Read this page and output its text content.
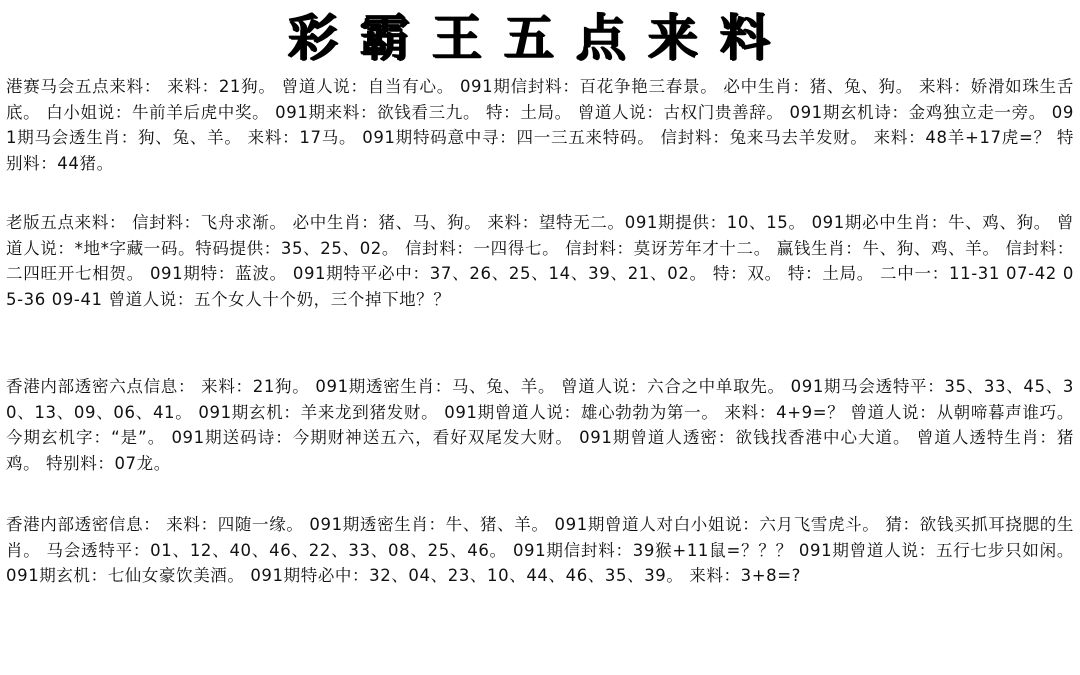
彩霸王五点来料
港赛马会五点来料： 来料：21狗。 曾道人说：自当有心。 091期信封料：百花争艳三春景。 必中生肖：猪、兔、狗。 来料：娇滑如珠生舌底。 白小姐说：牛前羊后虎中奖。 091期来料：欲钱看三九。 特：土局。 曾道人说：古权门贵善辞。 091期玄机诗：金鸡独立走一旁。 091期马会透生肖：狗、兔、羊。 来料：17马。 091期特码意中寻：四一三五来特码。 信封料：兔来马去羊发财。 来料：48羊+17虎=？ 特别料：44猪。
老版五点来料： 信封料：飞舟求渐。 必中生肖：猪、马、狗。 来料：望特无二。091期提供：10、15。 091期必中生肖：牛、鸡、狗。 曾道人说：*地*字藏一码。特码提供：35、25、02。 信封料：一四得七。 信封料：莫讶芳年才十二。 赢钱生肖：牛、狗、鸡、羊。 信封料：二四旺开七相贺。 091期特：蓝波。 091期特平必中：37、26、25、14、39、21、02。 特：双。 特：土局。 二中一：11-31 07-42 05-36 09-41 曾道人说：五个女人十个奶，三个掉下地？？
香港内部透密六点信息： 来料：21狗。 091期透密生肖：马、兔、羊。 曾道人说：六合之中单取先。 091期马会透特平：35、33、45、30、13、09、06、41。 091期玄机：羊来龙到猪发财。 091期曾道人说：雄心勃勃为第一。 来料：4+9=？ 曾道人说：从朝啼暮声谁巧。 今期玄机字：“是”。 091期送码诗：今期财神送五六，看好双尾发大财。 091期曾道人透密：欲钱找香港中心大道。 曾道人透特生肖：猪鸡。 特别料：07龙。
香港内部透密信息： 来料：四随一缘。 091期透密生肖：牛、猪、羊。 091期曾道人对白小姐说：六月飞雪虎斗。 猜：欲钱买抓耳挠腮的生肖。 马会透特平：01、12、40、46、22、33、08、25、46。 091期信封料：39猴+11鼠=？？？ 091期曾道人说：五行七步只如闲。 091期玄机：七仙女豪饮美酒。 091期特必中：32、04、23、10、44、46、35、39。 来料：3+8=?
